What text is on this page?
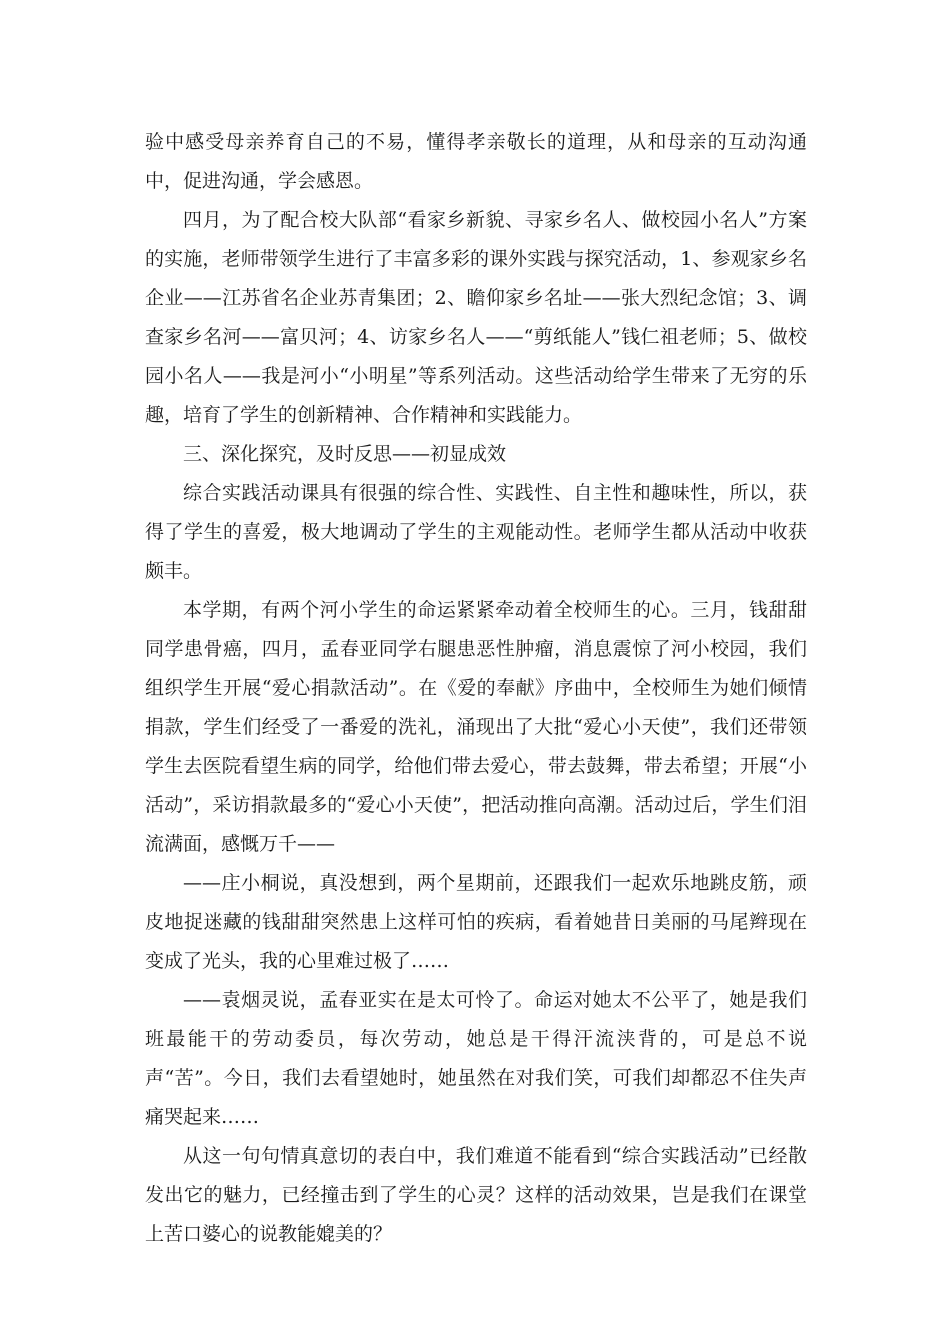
验中感受母亲养育自己的不易，懂得孝亲敬长的道理，从和母亲的互动沟通中，促进沟通，学会感恩。

四月，为了配合校大队部“看家乡新貌、寻家乡名人、做校园小名人”方案的实施，老师带领学生进行了丰富多彩的课外实践与探究活动，1、参观家乡名企业——江苏省名企业苏青集团；2、瞻仰家乡名址——张大烈纪念馆；3、调查家乡名河——富贝河；4、访家乡名人——“剪纸能人”钱仁祖老师；5、做校园小名人——我是河小“小明星”等系列活动。这些活动给学生带来了无穷的乐趣，培育了学生的创新精神、合作精神和实践能力。

三、深化探究，及时反思——初显成效

综合实践活动课具有很强的综合性、实践性、自主性和趣味性，所以，获得了学生的喜爱，极大地调动了学生的主观能动性。老师学生都从活动中收获颇丰。

本学期，有两个河小学生的命运紧紧牵动着全校师生的心。三月，钱甜甜同学患骨癌，四月，孟春亚同学右腿患恶性肿瘤，消息震惊了河小校园，我们组织学生开展“爱心捐款活动”。在《爱的奉献》序曲中，全校师生为她们倾情捐款，学生们经受了一番爱的洗礼，涌现出了大批“爱心小天使”，我们还带领学生去医院看望生病的同学，给他们带去爱心，带去鼓舞，带去希望；开展“小活动”，采访捐款最多的“爱心小天使”，把活动推向高潮。活动过后，学生们泪流满面，感慨万千——

——庄小桐说，真没想到，两个星期前，还跟我们一起欢乐地跳皮筋，顽皮地捉迷藏的钱甜甜突然患上这样可怕的疾病，看着她昔日美丽的马尾辫现在变成了光头，我的心里难过极了……

——袁烟灵说，孟春亚实在是太可怜了。命运对她太不公平了，她是我们班最能干的劳动委员，每次劳动，她总是干得汗流浃背的，可是总不说声“苦”。今日，我们去看望她时，她虽然在对我们笑，可我们却都忍不住失声痛哭起来……

从这一句句情真意切的表白中，我们难道不能看到“综合实践活动”已经散发出它的魅力，已经撞击到了学生的心灵？这样的活动效果，岂是我们在课堂上苦口婆心的说教能媲美的？
